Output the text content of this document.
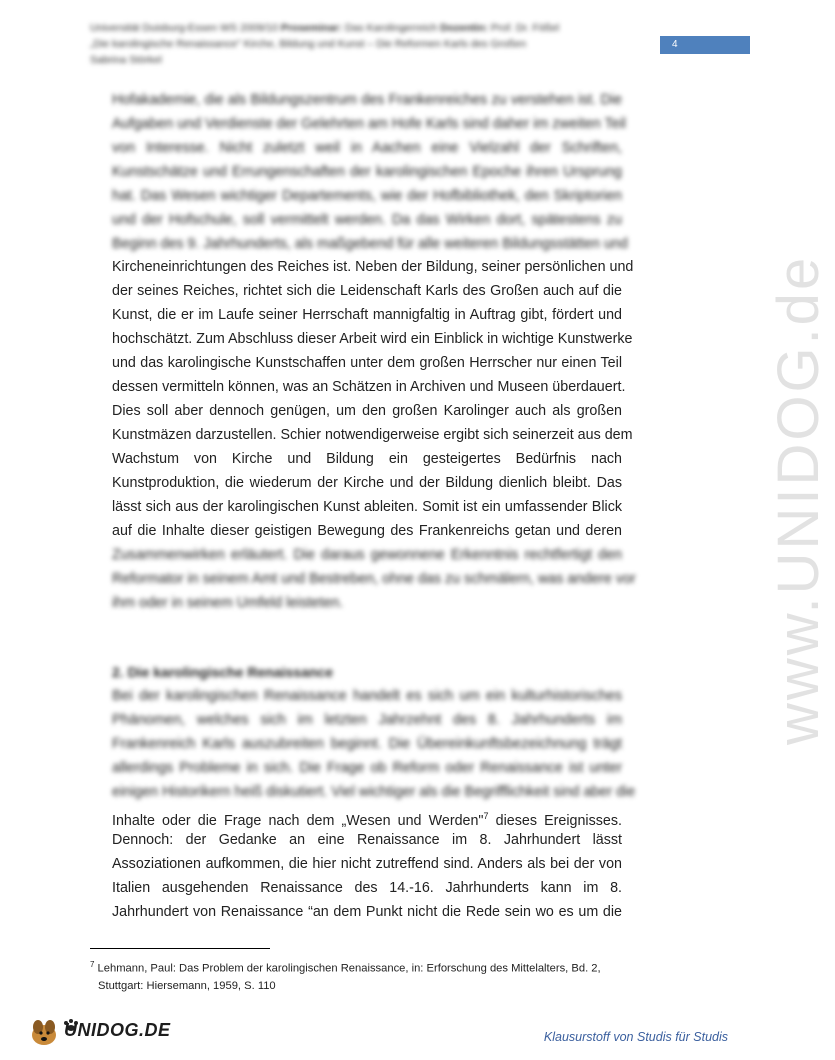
Universität Duisburg-Essen WS 2009/10 Proseminar: Das Karolingerreich Dozentin: Prof. Dr. Fößel
„Die karolingische Renaissance" Kirche, Bildung und Kunst – Die Reformen Karls des Großen
Sabrina Störkel
4
www.UNIDOG.de
Hofakademie, die als Bildungszentrum des Frankenreiches zu verstehen ist. Die
Aufgaben und Verdienste der Gelehrten am Hofe Karls sind daher im zweiten Teil
von Interesse. Nicht zuletzt weil in Aachen eine Vielzahl der Schriften,
Kunstschätze und Errungenschaften der karolingischen Epoche ihren Ursprung
hat. Das Wesen wichtiger Departements, wie der Hofbibliothek, den Skriptorien
und der Hofschule, soll vermittelt werden. Da das Wirken dort, spätestens zu
Beginn des 9. Jahrhunderts, als maßgebend für alle weiteren Bildungsstätten und
Kircheneinrichtungen des Reiches ist. Neben der Bildung, seiner persönlichen und
der seines Reiches, richtet sich die Leidenschaft Karls des Großen auch auf die
Kunst, die er im Laufe seiner Herrschaft mannigfaltig in Auftrag gibt, fördert und
hochschätzt. Zum Abschluss dieser Arbeit wird ein Einblick in wichtige Kunstwerke
und das karolingische Kunstschaffen unter dem großen Herrscher nur einen Teil
dessen vermitteln können, was an Schätzen in Archiven und Museen überdauert.
Dies soll aber dennoch genügen, um den großen Karolinger auch als großen
Kunstmäzen darzustellen. Schier notwendigerweise ergibt sich seinerzeit aus dem
Wachstum von Kirche und Bildung ein gesteigertes Bedürfnis nach
Kunstproduktion, die wiederum der Kirche und der Bildung dienlich bleibt. Das
lässt sich aus der karolingischen Kunst ableiten. Somit ist ein umfassender Blick
auf die Inhalte dieser geistigen Bewegung des Frankenreichs getan und deren
Zusammenwirken erläutert. Die daraus gewonnene Erkenntnis rechtfertigt den
Reformator in seinem Amt und Bestreben, ohne das zu schmälern, was andere vor
ihm oder in seinem Umfeld leisteten.
2. Die karolingische Renaissance
Bei der karolingischen Renaissance handelt es sich um ein kulturhistorisches
Phänomen, welches sich im letzten Jahrzehnt des 8. Jahrhunderts im
Frankenreich Karls auszubreiten beginnt. Die Übereinkunftsbezeichnung trägt
allerdings Probleme in sich. Die Frage ob Reform oder Renaissance ist unter
einigen Historikern heiß diskutiert. Viel wichtiger als die Begrifflichkeit sind aber die
Inhalte oder die Frage nach dem „Wesen und Werden"$^7$ dieses Ereignisses.
Dennoch: der Gedanke an eine Renaissance im 8. Jahrhundert lässt
Assoziationen aufkommen, die hier nicht zutreffend sind. Anders als bei der von
Italien ausgehenden Renaissance des 14.-16. Jahrhunderts kann im 8.
Jahrhundert von Renaissance “an dem Punkt nicht die Rede sein wo es um die
$^7$ Lehmann, Paul: Das Problem der karolingischen Renaissance, in: Erforschung des Mittelalters, Bd. 2,
Stuttgart: Hiersemann, 1959, S. 110
UNIDOG.DE	Klausurstoff von Studis für Studis
